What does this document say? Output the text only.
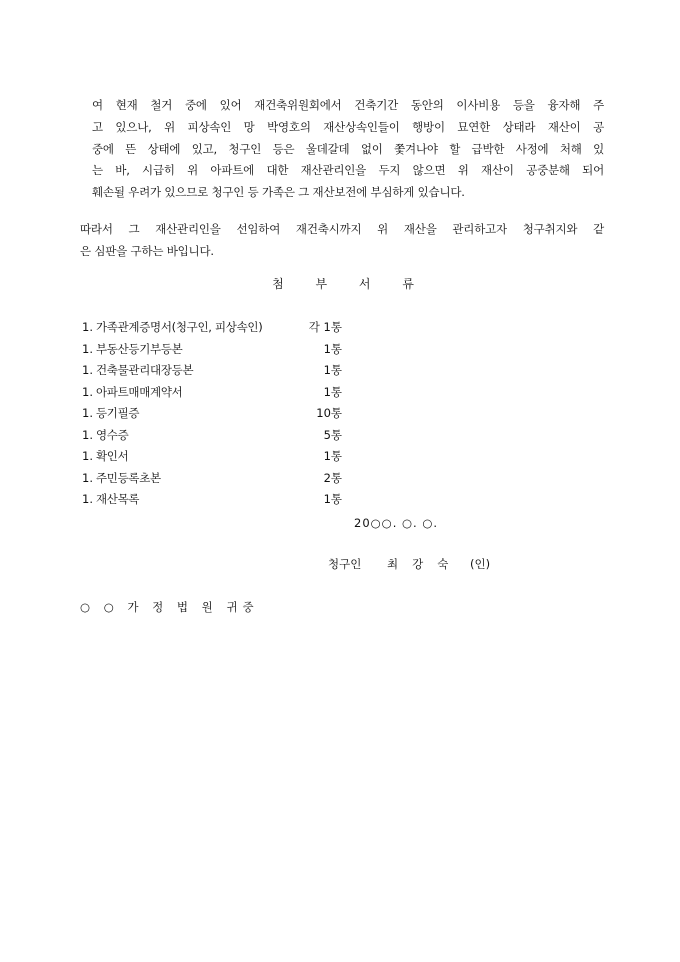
여 현재 철거 중에 있어 재건축위원회에서 건축기간 동안의 이사비용 등을 융자해 주
고 있으나, 위 피상속인 망 박영호의 재산상속인들이 행방이 묘연한 상태라 재산이 공
중에 뜬 상태에 있고, 청구인 등은 울데갈데 없이 쫓겨나야 할 급박한 사정에 처해 있
는 바, 시급히 위 아파트에 대한 재산관리인을 두지 않으면 위 재산이 공중분해 되어
훼손될 우려가 있으므로 청구인 등 가족은 그 재산보전에 부심하게 있습니다.
따라서 그 재산관리인을 선임하여 재건축시까지 위 재산을 관리하고자 청구취지와 같
은 심판을 구하는 바입니다.
첨 부 서 류
1. 가족관계증명서(청구인, 피상속인)	각 1통
1. 부동산등기부등본	1통
1. 건축물관리대장등본	1통
1. 아파트매매계약서	1통
1. 등기필증	10통
1. 영수증	5통
1. 확인서	1통
1. 주민등록초본	2통
1. 재산목록	1통
20○○. ○. ○.
청구인 최강숙 (인)
○ ○ 가 정 법 원 귀중
